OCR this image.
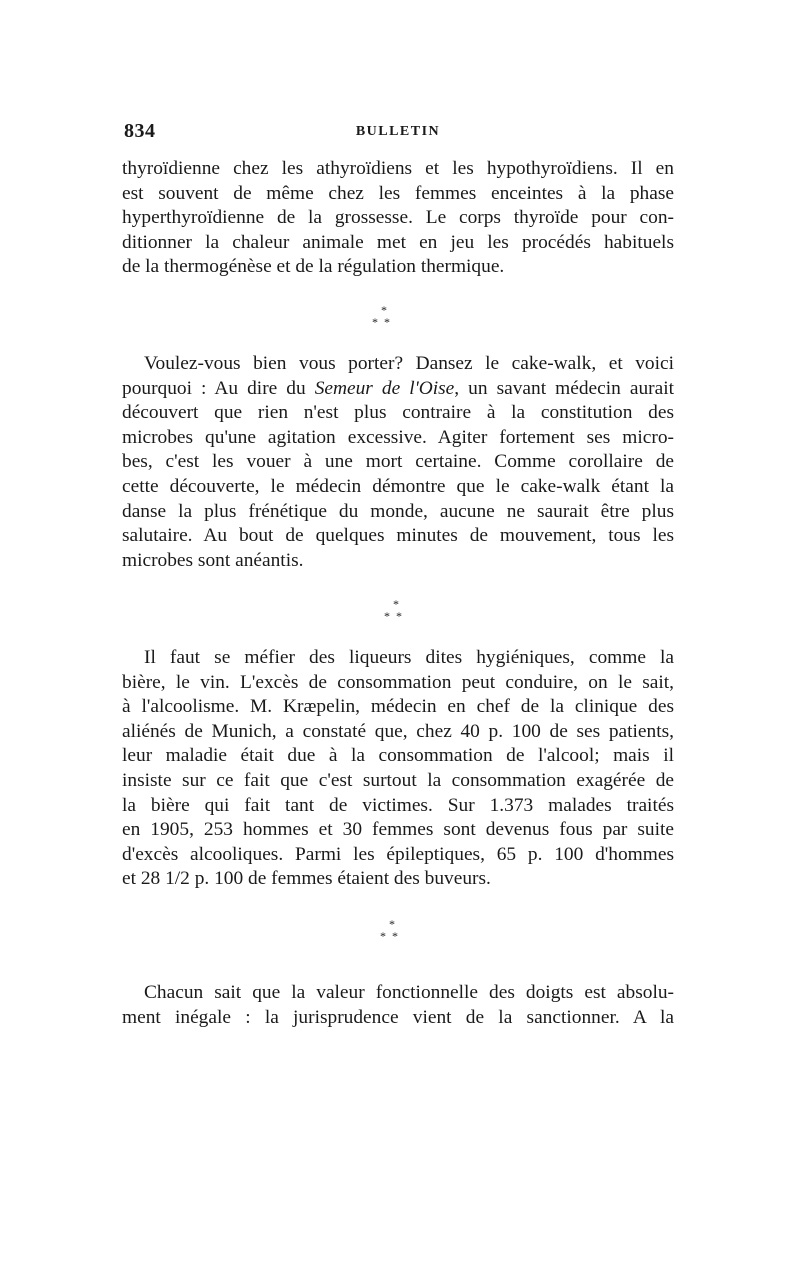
834	BULLETIN

thyroïdienne chez les athyroïdiens et les hypothyroïdiens. Il en
est souvent de même chez les femmes enceintes à la phase
hyperthyroïdienne de la grossesse. Le corps thyroïde pour con-
ditionner la chaleur animale met en jeu les procédés habituels
de la thermogénèse et de la régulation thermique.

*
**

Voulez-vous bien vous porter? Dansez le cake-walk, et voici
pourquoi : Au dire du Semeur de l'Oise, un savant médecin aurait
découvert que rien n'est plus contraire à la constitution des
microbes qu'une agitation excessive. Agiter fortement ses micro-
bes, c'est les vouer à une mort certaine. Comme corollaire de
cette découverte, le médecin démontre que le cake-walk étant la
danse la plus frénétique du monde, aucune ne saurait être plus
salutaire. Au bout de quelques minutes de mouvement, tous les
microbes sont anéantis.

*
**

Il faut se méfier des liqueurs dites hygiéniques, comme la
bière, le vin. L'excès de consommation peut conduire, on le sait,
à l'alcoolisme. M. Kræpelin, médecin en chef de la clinique des
aliénés de Munich, a constaté que, chez 40 p. 100 de ses patients,
leur maladie était due à la consommation de l'alcool; mais il
insiste sur ce fait que c'est surtout la consommation exagérée de
la bière qui fait tant de victimes. Sur 1.373 malades traités
en 1905, 253 hommes et 30 femmes sont devenus fous par suite
d'excès alcooliques. Parmi les épileptiques, 65 p. 100 d'hommes
et 28 1/2 p. 100 de femmes étaient des buveurs.

*
**

Chacun sait que la valeur fonctionnelle des doigts est absolu-
ment inégale : la jurisprudence vient de la sanctionner. A la
